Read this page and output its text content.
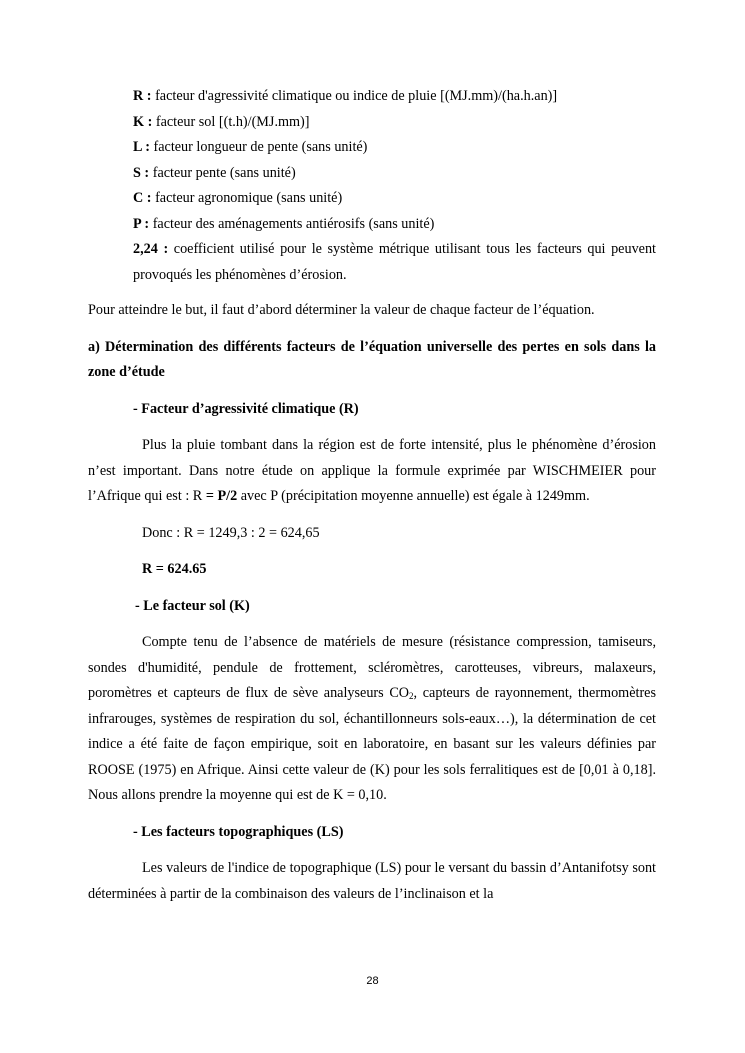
R : facteur d'agressivité climatique ou indice de pluie [(MJ.mm)/(ha.h.an)]
K : facteur sol [(t.h)/(MJ.mm)]
L : facteur longueur de pente (sans unité)
S : facteur pente (sans unité)
C : facteur agronomique (sans unité)
P : facteur des aménagements antiérosifs (sans unité)
2,24 : coefficient utilisé pour le système métrique utilisant tous les facteurs qui peuvent provoqués les phénomènes d’érosion.

Pour atteindre le but, il faut d’abord déterminer la valeur de chaque facteur de l’équation.

a) Détermination des différents facteurs de l’équation universelle des pertes en sols dans la zone d’étude

- Facteur d’agressivité climatique (R)

Plus la pluie tombant dans la région est de forte intensité, plus le phénomène d’érosion n’est important. Dans notre étude on applique la formule exprimée par WISCHMEIER pour l’Afrique qui est : R = P/2 avec P (précipitation moyenne annuelle) est égale à 1249mm.

Donc : R = 1249,3 : 2 = 624,65

R = 624.65

- Le facteur sol (K)

Compte tenu de l’absence de matériels de mesure (résistance compression, tamiseurs, sondes d'humidité, pendule de frottement, scléromètres, carotteuses, vibreurs, malaxeurs, poromètres et capteurs de flux de sève analyseurs $CO_2$, capteurs de rayonnement, thermomètres infrarouges, systèmes de respiration du sol, échantillonneurs sols-eaux…), la détermination de cet indice a été faite de façon empirique, soit en laboratoire, en basant sur les valeurs définies par ROOSE (1975) en Afrique. Ainsi cette valeur de (K) pour les sols ferralitiques est de [0,01 à 0,18]. Nous allons prendre la moyenne qui est de K = 0,10.

- Les facteurs topographiques (LS)

Les valeurs de l'indice de topographique (LS) pour le versant du bassin d’Antanifotsy sont déterminées à partir de la combinaison des valeurs de l’inclinaison et la

28
